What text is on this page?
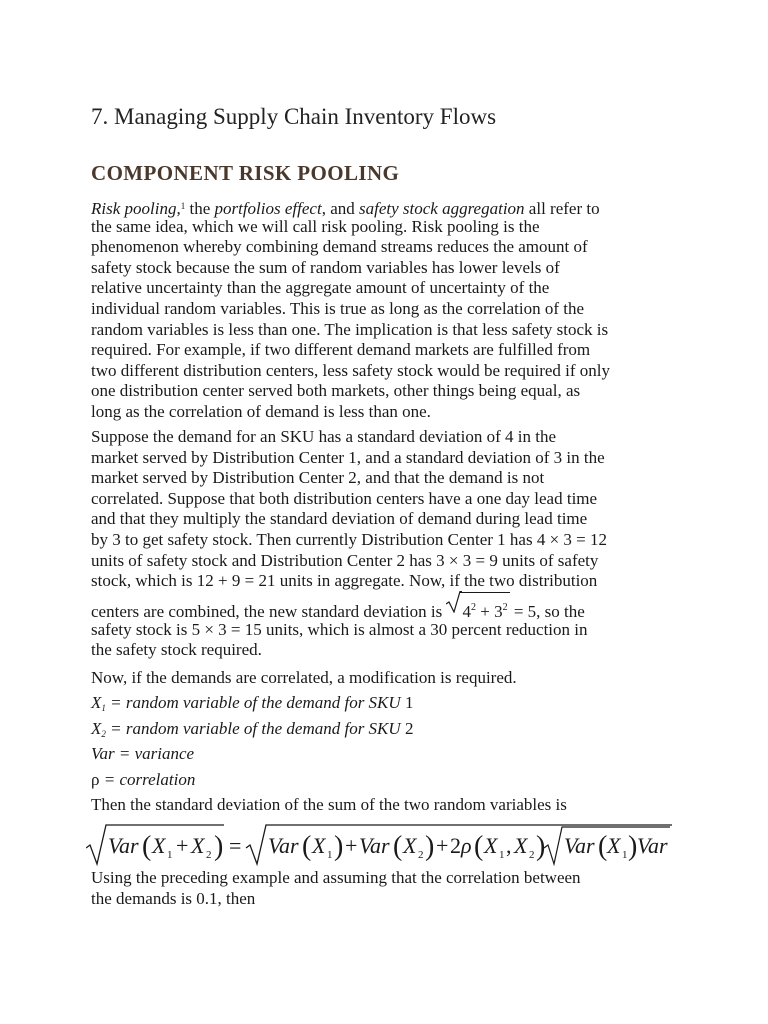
7. Managing Supply Chain Inventory Flows
COMPONENT RISK POOLING
Risk pooling,$^1$ the portfolios effect, and safety stock aggregation all refer to
the same idea, which we will call risk pooling. Risk pooling is the
phenomenon whereby combining demand streams reduces the amount of
safety stock because the sum of random variables has lower levels of
relative uncertainty than the aggregate amount of uncertainty of the
individual random variables. This is true as long as the correlation of the
random variables is less than one. The implication is that less safety stock is
required. For example, if two different demand markets are fulfilled from
two different distribution centers, less safety stock would be required if only
one distribution center served both markets, other things being equal, as
long as the correlation of demand is less than one.
Suppose the demand for an SKU has a standard deviation of 4 in the
market served by Distribution Center 1, and a standard deviation of 3 in the
market served by Distribution Center 2, and that the demand is not
correlated. Suppose that both distribution centers have a one day lead time
and that they multiply the standard deviation of demand during lead time
by 3 to get safety stock. Then currently Distribution Center 1 has 4 × 3 = 12
units of safety stock and Distribution Center 2 has 3 × 3 = 9 units of safety
stock, which is 12 + 9 = 21 units in aggregate. Now, if the two distribution
centers are combined, the new standard deviation is
$4^2 + 3^2 = 5$, so the
safety stock is 5 × 3 = 15 units, which is almost a 30 percent reduction in
the safety stock required.
Now, if the demands are correlated, a modification is required.
$X_1$ = random variable of the demand for SKU 1
$X_2$ = random variable of the demand for SKU 2
Var = variance
ρ = correlation
Then the standard deviation of the sum of the two random variables is
Using the preceding example and assuming that the correlation between
the demands is 0.1, then
Var ( X 1 + X 2 ) = Var ( X 1 ) + Var ( X 2 ) + 2 ρ ( X 1 , X 2 ) Var ( X 1 ) Var
